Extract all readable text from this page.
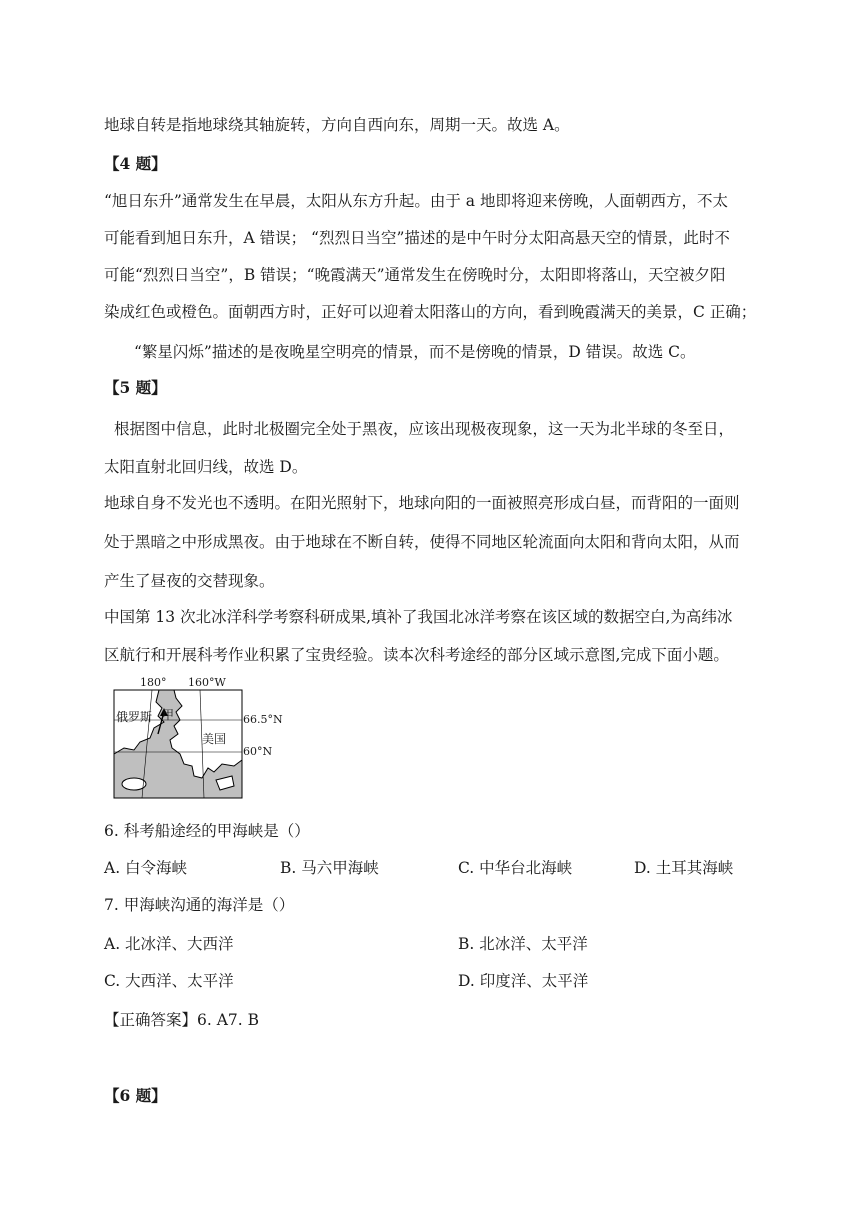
地球自转是指地球绕其轴旋转，方向自西向东，周期一天。故选 A。
【4 题】
“旭日东升”通常发生在早晨，太阳从东方升起。由于 a 地即将迎来傍晚，人面朝西方，不太
可能看到旭日东升，A 错误； “烈烈日当空”描述的是中午时分太阳高悬天空的情景，此时不
可能“烈烈日当空”，B 错误；“晚霞满天”通常发生在傍晚时分，太阳即将落山，天空被夕阳
染成红色或橙色。面朝西方时，正好可以迎着太阳落山的方向，看到晚霞满天的美景，C 正确；
“繁星闪烁”描述的是夜晚星空明亮的情景，而不是傍晚的情景，D 错误。故选 C。
【5 题】
根据图中信息，此时北极圈完全处于黑夜，应该出现极夜现象，这一天为北半球的冬至日，
太阳直射北回归线，故选 D。
地球自身不发光也不透明。在阳光照射下，地球向阳的一面被照亮形成白昼，而背阳的一面则
处于黑暗之中形成黑夜。由于地球在不断自转，使得不同地区轮流面向太阳和背向太阳，从而
产生了昼夜的交替现象。
中国第 13 次北冰洋科学考察科研成果,填补了我国北冰洋考察在该区域的数据空白,为高纬冰
区航行和开展科考作业积累了宝贵经验。读本次科考途经的部分区域示意图,完成下面小题。
180° 160°W
俄罗斯 甲
美国
66.5°N
60°N
6. 科考船途经的甲海峡是（）
A. 白令海峡	B. 马六甲海峡	C. 中华台北海峡	D. 土耳其海峡
7. 甲海峡沟通的海洋是（）
A. 北冰洋、大西洋	B. 北冰洋、太平洋
C. 大西洋、太平洋	D. 印度洋、太平洋
【正确答案】6. A7. B
【6 题】
